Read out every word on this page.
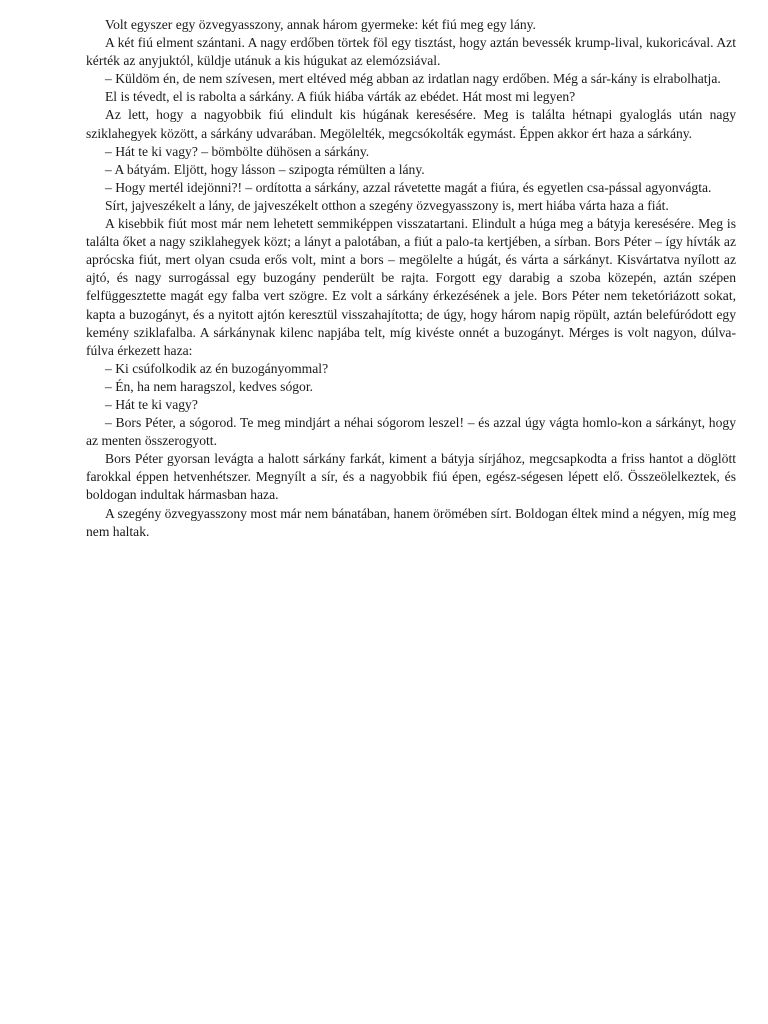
Volt egyszer egy özvegyasszony, annak három gyermeke: két fiú meg egy lány.

A két fiú elment szántani. A nagy erdőben törtek föl egy tisztást, hogy aztán bevessék krump-lival, kukoricával. Azt kérték az anyjuktól, küldje utánuk a kis húgukat az elemózsiával.

– Küldöm én, de nem szívesen, mert eltéved még abban az irdatlan nagy erdőben. Még a sár-kány is elrabolhatja.

El is tévedt, el is rabolta a sárkány. A fiúk hiába várták az ebédet. Hát most mi legyen?

Az lett, hogy a nagyobbik fiú elindult kis húgának keresésére. Meg is találta hétnapi gyaloglás után nagy sziklahegyek között, a sárkány udvarában. Megölelték, megcsókolták egymást. Éppen akkor ért haza a sárkány.

– Hát te ki vagy? – bömbölte dühösen a sárkány.

– A bátyám. Eljött, hogy lásson – szipogta rémülten a lány.

– Hogy mertél idejönni?! – ordította a sárkány, azzal rávetette magát a fiúra, és egyetlen csa-pással agyonvágta.

Sírt, jajveszékelt a lány, de jajveszékelt otthon a szegény özvegyasszony is, mert hiába várta haza a fiát.

A kisebbik fiút most már nem lehetett semmiképpen visszatartani. Elindult a húga meg a bátyja keresésére. Meg is találta őket a nagy sziklahegyek közt; a lányt a palotában, a fiút a palo-ta kertjében, a sírban. Bors Péter – így hívták az aprócska fiút, mert olyan csuda erős volt, mint a bors – megölelte a húgát, és várta a sárkányt. Kisvártatva nyílott az ajtó, és nagy surrogással egy buzogány penderült be rajta. Forgott egy darabig a szoba közepén, aztán szépen felfüggesztette magát egy falba vert szögre. Ez volt a sárkány érkezésének a jele. Bors Péter nem teketóriázott sokat, kapta a buzogányt, és a nyitott ajtón keresztül visszahajította; de úgy, hogy három napig röpült, aztán belefúródott egy kemény sziklafalba. A sárkánynak kilenc napjába telt, míg kivéste onnét a buzogányt. Mérges is volt nagyon, dúlva-fúlva érkezett haza:

– Ki csúfolkodik az én buzogányommal?

– Én, ha nem haragszol, kedves sógor.

– Hát te ki vagy?

– Bors Péter, a sógorod. Te meg mindjárt a néhai sógorom leszel! – és azzal úgy vágta homlo-kon a sárkányt, hogy az menten összerogyott.

Bors Péter gyorsan levágta a halott sárkány farkát, kiment a bátyja sírjához, megcsapkodta a friss hantot a döglött farokkal éppen hetvenhétszer. Megnyílt a sír, és a nagyobbik fiú épen, egész-ségesen lépett elő. Összeölelkeztek, és boldogan indultak hármasban haza.

A szegény özvegyasszony most már nem bánatában, hanem örömében sírt. Boldogan éltek mind a négyen, míg meg nem haltak.
